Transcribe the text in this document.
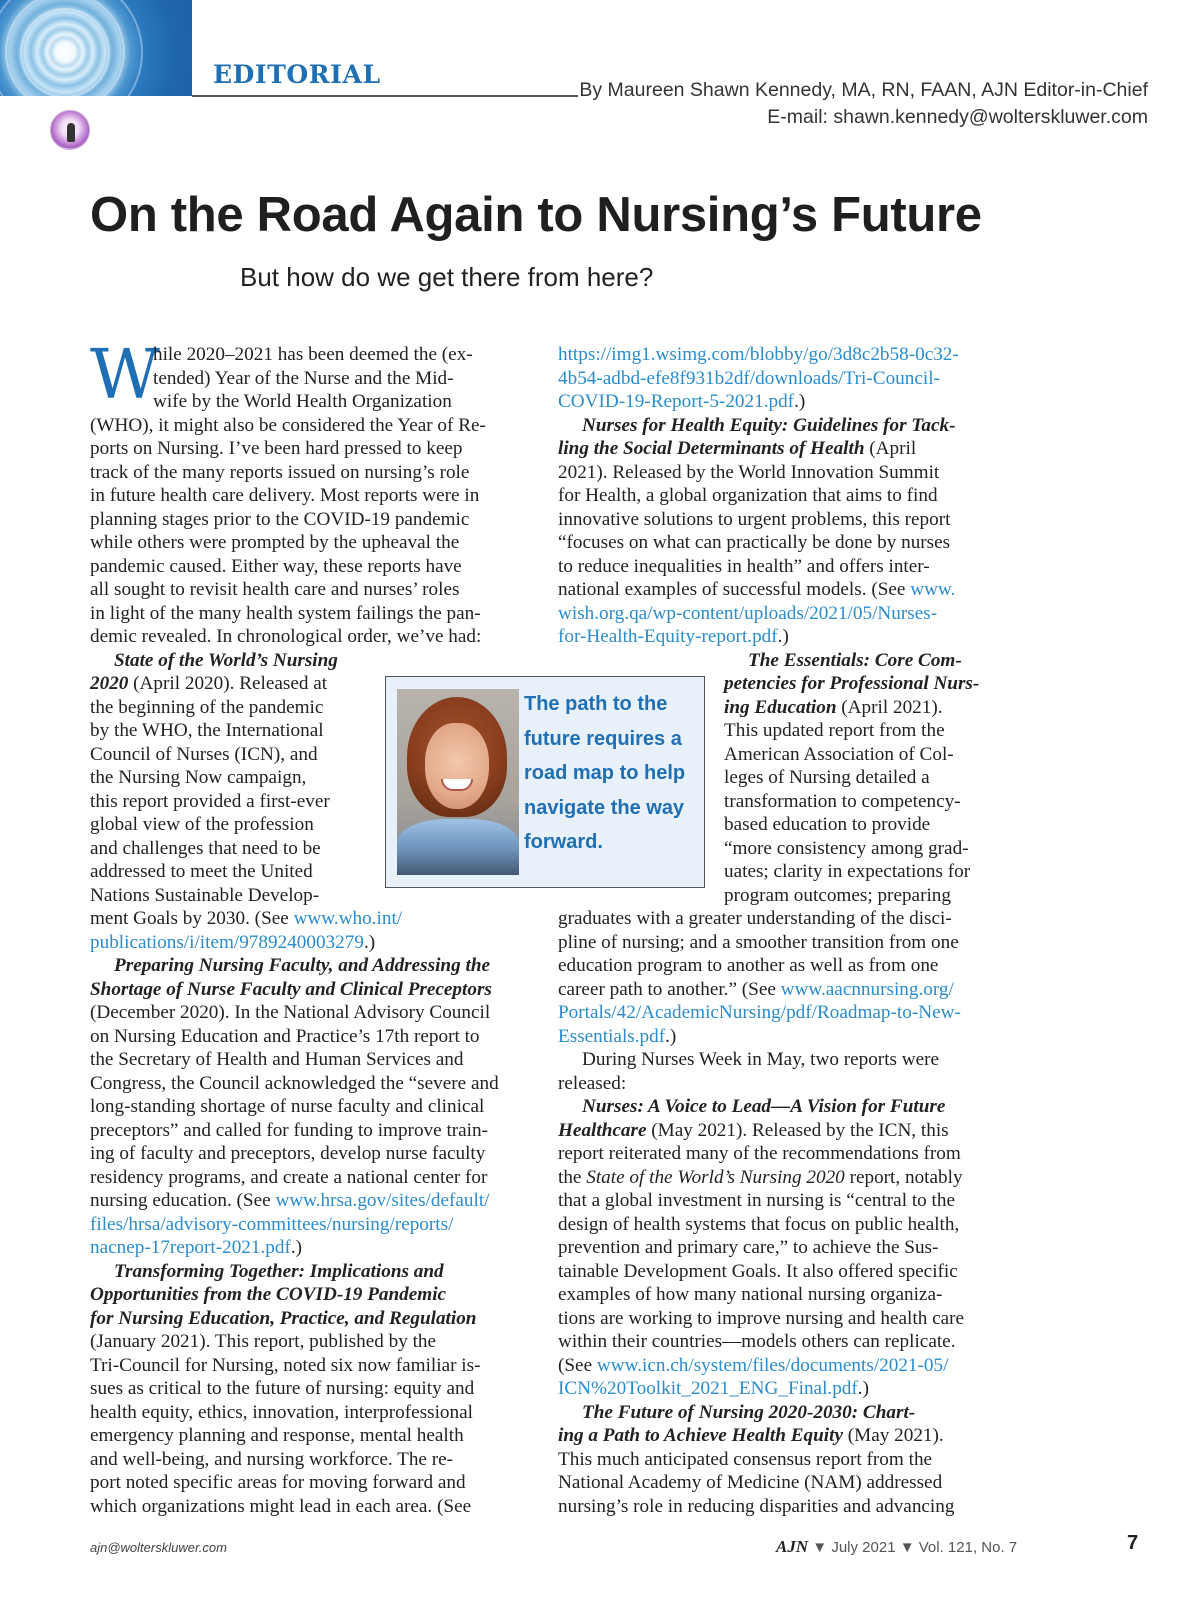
EDITORIAL
By Maureen Shawn Kennedy, MA, RN, FAAN, AJN Editor-in-Chief
E-mail: shawn.kennedy@wolterskluwer.com
On the Road Again to Nursing’s Future
But how do we get there from here?
W
hile 2020–2021 has been deemed the (ex-
tended) Year of the Nurse and the Mid-
wife by the World Health Organization
(WHO), it might also be considered the Year of Re-
ports on Nursing. I’ve been hard pressed to keep
track of the many reports issued on nursing’s role
in future health care delivery. Most reports were in
planning stages prior to the COVID-19 pandemic
while others were prompted by the upheaval the
pandemic caused. Either way, these reports have
all sought to revisit health care and nurses’ roles
in light of the many health system failings the pan-
demic revealed. In chronological order, we’ve had:
State of the World’s Nursing
2020 (April 2020). Released at
the beginning of the pandemic
by the WHO, the International
Council of Nurses (ICN), and
the Nursing Now campaign,
this report provided a first-ever
global view of the profession
and challenges that need to be
addressed to meet the United
Nations Sustainable Develop-
ment Goals by 2030. (See www.who.int/
publications/i/item/9789240003279.)
Preparing Nursing Faculty, and Addressing the
Shortage of Nurse Faculty and Clinical Preceptors
(December 2020). In the National Advisory Council
on Nursing Education and Practice’s 17th report to
the Secretary of Health and Human Services and
Congress, the Council acknowledged the “severe and
long-standing shortage of nurse faculty and clinical
preceptors” and called for funding to improve train-
ing of faculty and preceptors, develop nurse faculty
residency programs, and create a national center for
nursing education. (See www.hrsa.gov/sites/default/
files/hrsa/advisory-committees/nursing/reports/
nacnep-17report-2021.pdf.)
Transforming Together: Implications and
Opportunities from the COVID-19 Pandemic
for Nursing Education, Practice, and Regulation
(January 2021). This report, published by the
Tri-Council for Nursing, noted six now familiar is-
sues as critical to the future of nursing: equity and
health equity, ethics, innovation, interprofessional
emergency planning and response, mental health
and well-being, and nursing workforce. The re-
port noted specific areas for moving forward and
which organizations might lead in each area. (See
https://img1.wsimg.com/blobby/go/3d8c2b58-0c32-
4b54-adbd-efe8f931b2df/downloads/Tri-Council-
COVID-19-Report-5-2021.pdf.)
Nurses for Health Equity: Guidelines for Tack-
ling the Social Determinants of Health (April
2021). Released by the World Innovation Summit
for Health, a global organization that aims to find
innovative solutions to urgent problems, this report
“focuses on what can practically be done by nurses
to reduce inequalities in health” and offers inter-
national examples of successful models. (See www.
wish.org.qa/wp-content/uploads/2021/05/Nurses-
for-Health-Equity-report.pdf.)
The Essentials: Core Com-
petencies for Professional Nurs-
ing Education (April 2021).
This updated report from the
American Association of Col-
leges of Nursing detailed a
transformation to competency-
based education to provide
“more consistency among grad-
uates; clarity in expectations for
program outcomes; preparing
graduates with a greater understanding of the disci-
pline of nursing; and a smoother transition from one
education program to another as well as from one
career path to another.” (See www.aacnnursing.org/
Portals/42/AcademicNursing/pdf/Roadmap-to-New-
Essentials.pdf.)
During Nurses Week in May, two reports were
released:
Nurses: A Voice to Lead—A Vision for Future
Healthcare (May 2021). Released by the ICN, this
report reiterated many of the recommendations from
the State of the World’s Nursing 2020 report, notably
that a global investment in nursing is “central to the
design of health systems that focus on public health,
prevention and primary care,” to achieve the Sus-
tainable Development Goals. It also offered specific
examples of how many national nursing organiza-
tions are working to improve nursing and health care
within their countries—models others can replicate.
(See www.icn.ch/system/files/documents/2021-05/
ICN%20Toolkit_2021_ENG_Final.pdf.)
The Future of Nursing 2020-2030: Chart-
ing a Path to Achieve Health Equity (May 2021).
This much anticipated consensus report from the
National Academy of Medicine (NAM) addressed
nursing’s role in reducing disparities and advancing
The path to the
future requires a
road map to help
navigate the way
forward.
ajn@wolterskluwer.com	AJN ▼ July 2021 ▼ Vol. 121, No. 7	7
